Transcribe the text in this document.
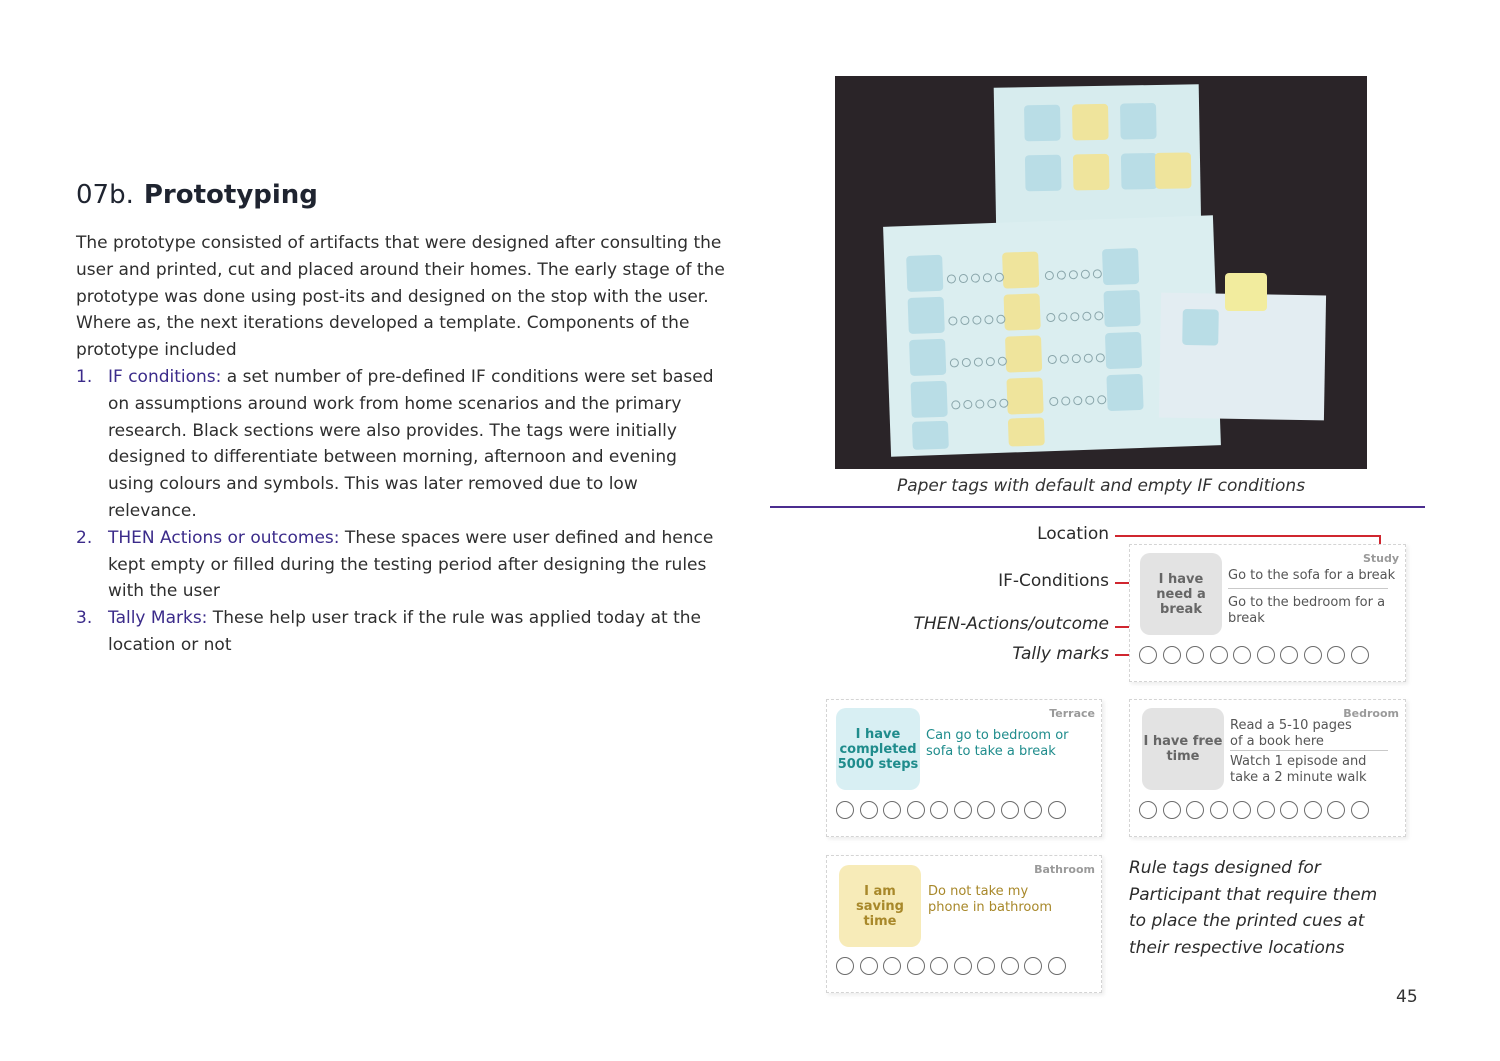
07b. Prototyping

The prototype consisted of artifacts that were designed after consulting the user and printed, cut and placed around their homes. The early stage of the prototype was done using post-its and designed on the stop with the user. Where as, the next iterations developed a template. Components of the prototype included

1. IF conditions: a set number of pre-defined IF conditions were set based on assumptions around work from home scenarios and the primary research. Black sections were also provides. The tags were initially designed to differentiate between morning, afternoon and evening using colours and symbols. This was later removed due to low relevance.
2. THEN Actions or outcomes: These spaces were user defined and hence kept empty or filled during the testing period after designing the rules with the user
3. Tally Marks: These help user track if the rule was applied today at the location or not
Paper tags with default and empty IF conditions
Location
IF-Conditions
THEN-Actions/outcome
Tally marks
Study
I have need a break
Go to the sofa for a break
Go to the bedroom for a break
Terrace
I have completed 5000 steps
Can go to bedroom or sofa to take a break
Bedroom
I have free time
Read a 5-10 pages of a book here
Watch 1 episode and take a 2 minute walk
Bathroom
I am saving time
Do not take my phone in bathroom
Rule tags designed for Participant that require them to place the printed cues at their respective locations
45
